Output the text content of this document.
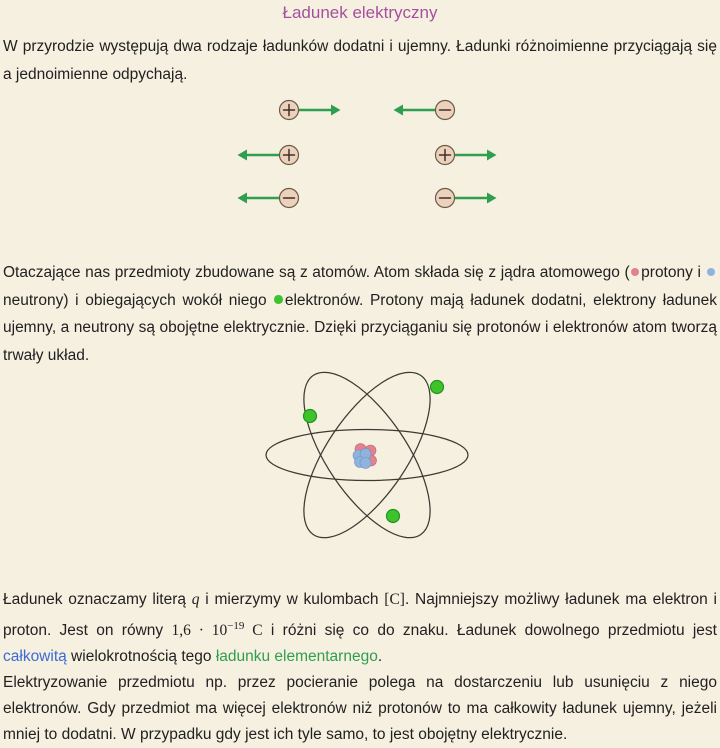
Ładunek elektryczny

W przyrodzie występują dwa rodzaje ładunków dodatni i ujemny. Ładunki różnoimienne przyciągają się a jednoimienne odpychają.

Otaczające nas przedmioty zbudowane są z atomów. Atom składa się z jądra atomowego ( protony i neutrony) i obiegających wokół niego elektronów. Protony mają ładunek dodatni, elektrony ładunek ujemny, a neutrony są obojętne elektrycznie. Dzięki przyciąganiu się protonów i elektronów atom tworzą trwały układ.

Ładunek oznaczamy literą q i mierzymy w kulombach [C]. Najmniejszy możliwy ładunek ma elektron i proton. Jest on równy $1,6 \cdot 10^{-19}$ C i różni się co do znaku. Ładunek dowolnego przedmiotu jest całkowitą wielokrotnością tego ładunku elementarnego.

Elektryzowanie przedmiotu np. przez pocieranie polega na dostarczeniu lub usunięciu z niego elektronów. Gdy przedmiot ma więcej elektronów niż protonów to ma całkowity ładunek ujemny, jeżeli mniej to dodatni. W przypadku gdy jest ich tyle samo, to jest obojętny elektrycznie.
